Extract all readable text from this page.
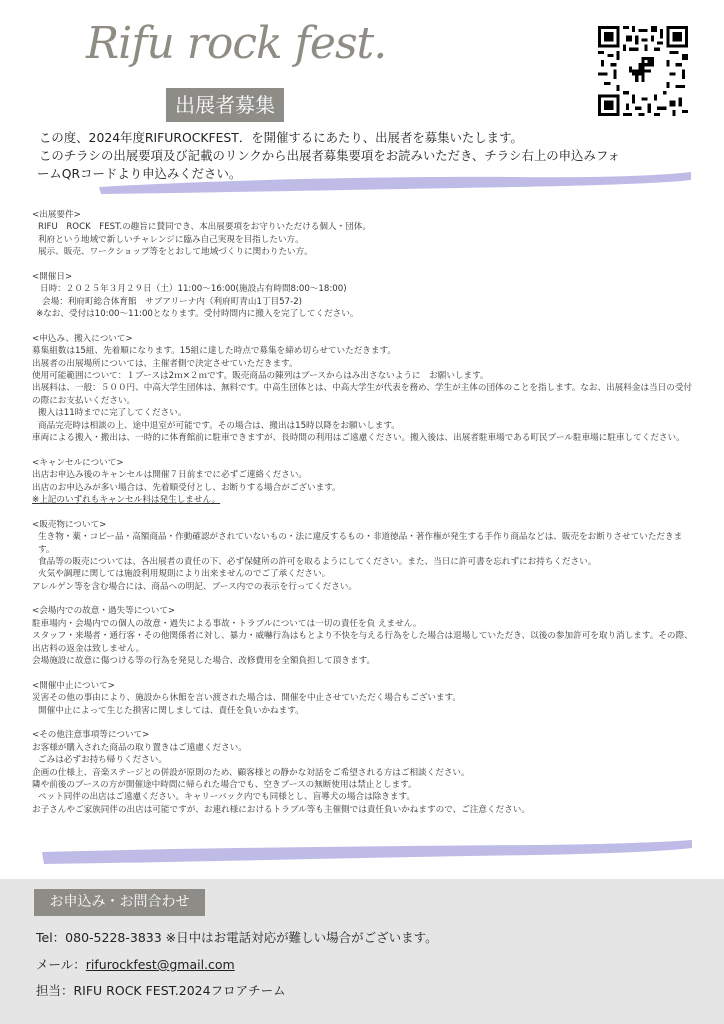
Rifu rock fest.
出展者募集
この度、2024年度RIFUROCKFEST．を開催するにあたり、出展者を募集いたします。
このチラシの出展要項及び記載のリンクから出展者募集要項をお読みいただき、チラシ右上の申込みフォ
ームQRコードより申込みください。
<出展要件>
RIFU　ROCK　FEST.の趣旨に賛同でき、本出展要項をお守りいただける個人・団体。
利府という地域で新しいチャレンジに臨み自己実現を目指したい方。
展示、販売、ワークショップ等をとおして地域づくりに関わりたい方。
<開催日>
日時：２０２５年３月２９日（土）11:00〜16:00(施設占有時間8:00〜18:00)
会場：利府町総合体育館　サブアリーナ内（利府町青山1丁目57-2)
※なお、受付は10:00〜11:00となります。受付時間内に搬入を完了してください。
<申込み、搬入について>
募集組数は15組、先着順になります。15組に達した時点で募集を締め切らせていただきます。
出展者の出展場所については、主催者側で決定させていただきます。
使用可能範囲について：１ブースは2ｍ×２ｍです。販売商品の陳列はブースからはみ出さないように　お願いします。
出展料は、一般：５００円、中高大学生団体は、無料です。中高生団体とは、中高大学生が代表を務め、学生が主体の団体のことを指します。なお、出展料金は当日の受付の際にお支払いください。
搬入は11時までに完了してください。
商品完売時は相談の上、途中退室が可能です。その場合は、搬出は15時以降をお願いします。
車両による搬入・搬出は、一時的に体育館前に駐車できますが、長時間の利用はご遠慮ください。搬入後は、出展者駐車場である町民プール駐車場に駐車してください。
<キャンセルについて>
出店お申込み後のキャンセルは開催７日前までに必ずご連絡ください。
出店のお申込みが多い場合は、先着順受付とし、お断りする場合がございます。
※上記のいずれもキャンセル料は発生しません。
<販売物について>
生き物・薬・コピー品・高額商品・作動確認がされていないもの・法に違反するもの・非道徳品・著作権が発生する手作り商品などは、販売をお断りさせていただきます。
食品等の販売については、各出展者の責任の下、必ず保健所の許可を取るようにしてください。また、当日に許可書を忘れずにお持ちください。
火気や調理に関しては施設利用規則により出来ませんのでご了承ください。
アレルゲン等を含む場合には、商品への明記、ブース内での表示を行ってください。
<会場内での故意・過失等について>
駐車場内・会場内での個人の故意・過失による事故・トラブルについては一切の責任を負 えません。
スタッフ・来場者・通行客・その他関係者に対し、暴力・威嚇行為はもとより不快を与える行為をした場合は退場していただき、以後の参加許可を取り消します。その際、出店料の返金は致しません。
会場施設に故意に傷つける等の行為を発見した場合、改修費用を全額負担して頂きます。
<開催中止について>
災害その他の事由により、施設から休館を言い渡された場合は、開催を中止させていただく場合もございます。
開催中止によって生じた損害に関しましては、責任を負いかねます。
<その他注意事項等について>
お客様が購入された商品の取り置きはご遠慮ください。
ごみは必ずお持ち帰りください。
企画の仕様上、音楽ステージとの併設が原則のため、顧客様との静かな対話をご希望される方はご相談ください。
隣や前後のブースの方が開催途中時間に帰られた場合でも、空きブースの無断使用は禁止とします。
ペット同伴の出店はご遠慮ください。キャリーバック内でも同様とし、盲導犬の場合は除きます。
お子さんやご家族同伴の出店は可能ですが、お連れ様におけるトラブル等も主催側では責任負いかねますので、ご注意ください。
お申込み・お問合わせ
Tel：080-5228-3833 ※日中はお電話対応が難しい場合がございます。
メール：rifurockfest@gmail.com
担当：RIFU ROCK FEST.2024フロアチーム
